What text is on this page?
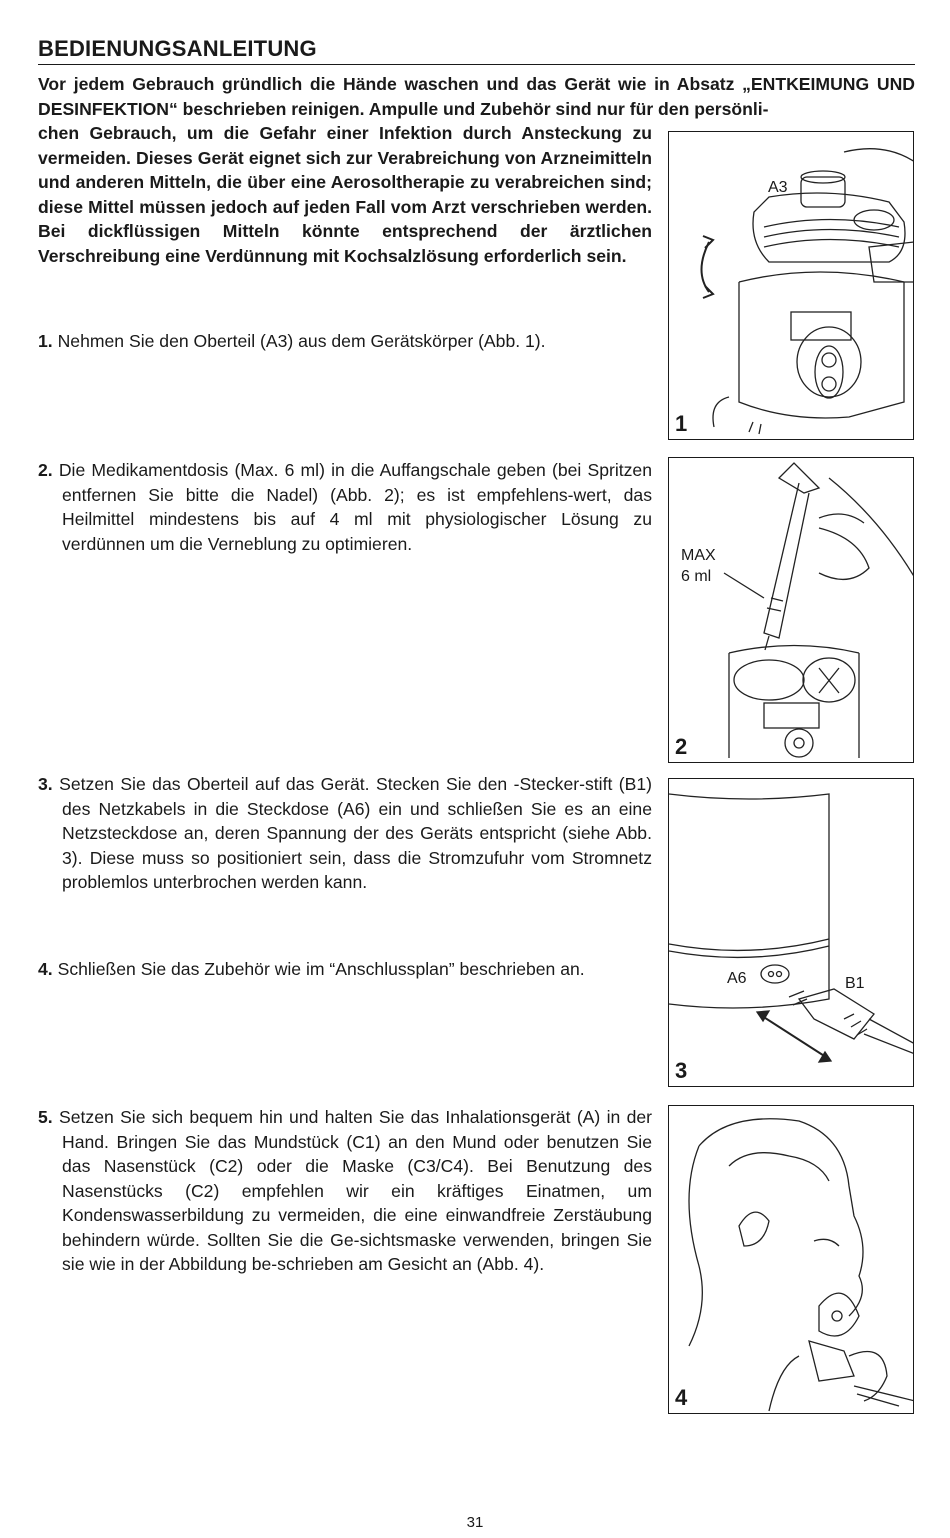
BEDIENUNGSANLEITUNG

Vor jedem Gebrauch gründlich die Hände waschen und das Gerät wie in Absatz „ENTKEIMUNG UND DESINFEKTION“ beschrieben reinigen. Ampulle und Zubehör sind nur für den persönli-

chen Gebrauch, um die Gefahr einer Infektion durch Ansteckung zu vermeiden. Dieses Gerät eignet sich zur Verabreichung von Arzneimitteln und anderen Mitteln, die über eine Aerosoltherapie zu verabreichen sind; diese Mittel müssen jedoch auf jeden Fall vom Arzt verschrieben werden. Bei dickflüssigen Mitteln könnte entsprechend der ärztlichen Verschreibung eine Verdünnung mit Kochsalzlösung erforderlich sein.

1. Nehmen Sie den Oberteil (A3) aus dem Gerätskörper (Abb. 1).
2. Die Medikamentdosis (Max. 6 ml) in die Auffangschale geben (bei Spritzen entfernen Sie bitte die Nadel) (Abb. 2); es ist empfehlens-wert, das Heilmittel mindestens bis auf 4 ml mit physiologischer Lösung zu verdünnen um die Verneblung zu optimieren.
3. Setzen Sie das Oberteil auf das Gerät. Stecken Sie den -Stecker-stift (B1) des Netzkabels in die Steckdose (A6) ein und schließen Sie es an eine Netzsteckdose an, deren Spannung der des Geräts entspricht (siehe Abb. 3). Diese muss so positioniert sein, dass die Stromzufuhr vom Stromnetz problemlos unterbrochen werden kann.
4. Schließen Sie das Zubehör wie im “Anschlussplan” beschrieben an.
5. Setzen Sie sich bequem hin und halten Sie das Inhalationsgerät (A) in der Hand. Bringen Sie das Mundstück (C1) an den Mund oder benutzen Sie das Nasenstück (C2) oder die Maske (C3/C4). Bei Benutzung des Nasenstücks (C2) empfehlen wir ein kräftiges Einatmen, um Kondenswasserbildung zu vermeiden, die eine einwandfreie Zerstäubung behindern würde. Sollten Sie die Ge-sichtsmaske verwenden, bringen Sie sie wie in der Abbildung be-schrieben am Gesicht an (Abb. 4).
A3
1
MAX
6 ml
2
A6	B1
3
4
31
